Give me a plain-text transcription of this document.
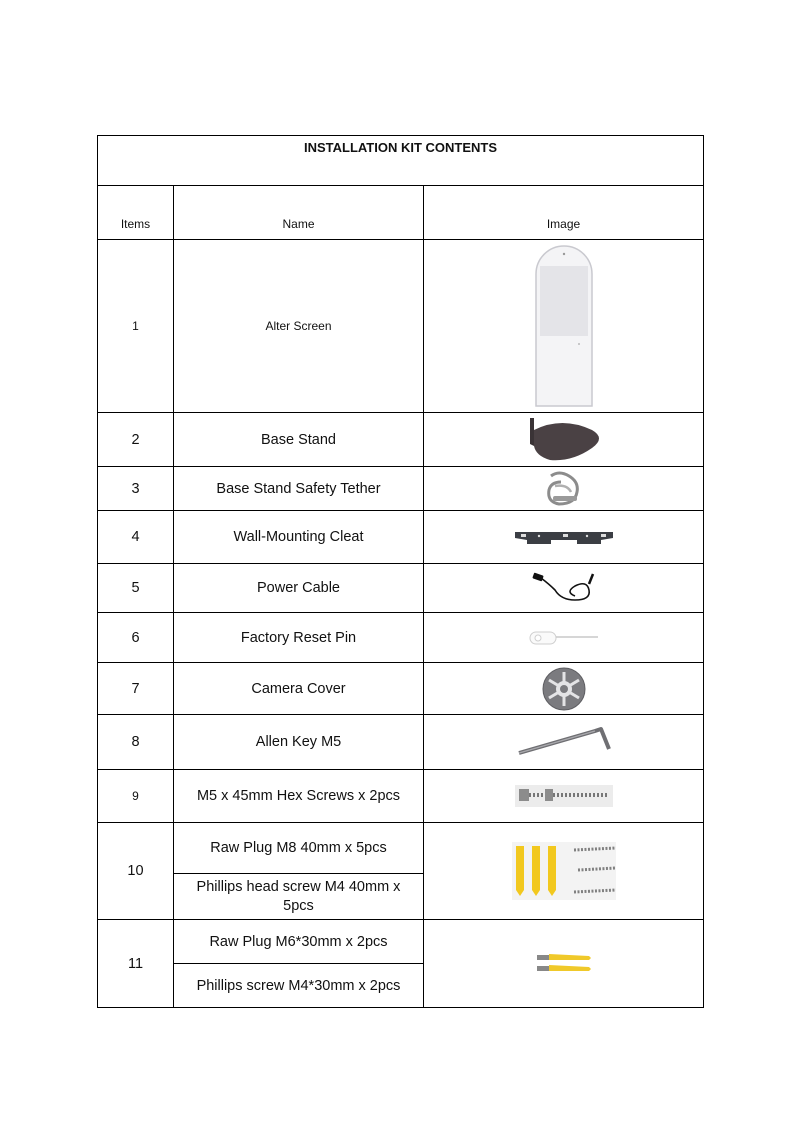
INSTALLATION KIT CONTENTS		
Items	Name	Image
1	Alter Screen	

2	Base Stand	

3	Base Stand Safety Tether	

4	Wall-Mounting Cleat	

5	Power Cable	

6	Factory Reset Pin	

7	Camera Cover	

8	Allen Key M5	

9	M5 x 45mm Hex Screws x 2pcs	

10	Raw Plug M8 40mm x 5pcs	

	Phillips head screw M4 40mm x 5pcs	
11	Raw Plug M6*30mm x 2pcs	

	Phillips screw M4*30mm x 2pcs	
